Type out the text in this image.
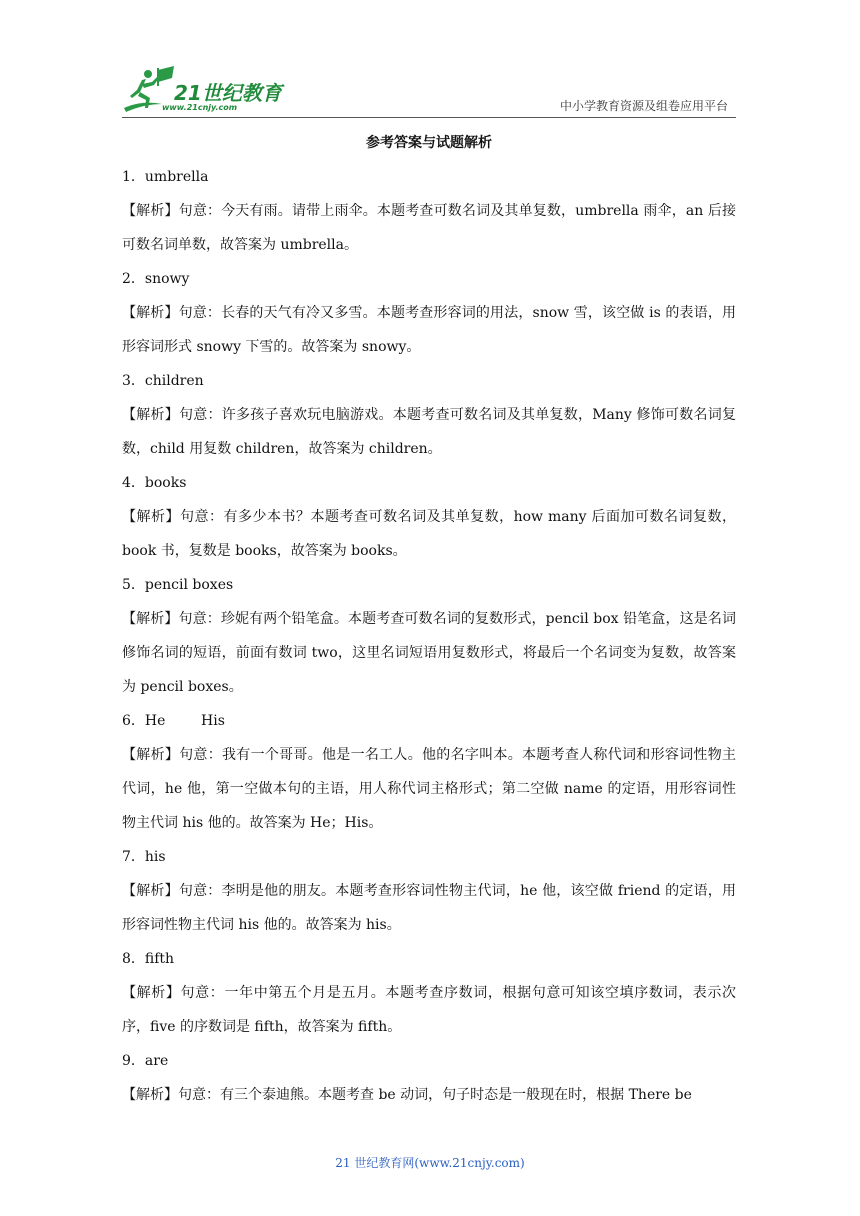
21世纪教育
www.21cnjy.com	中小学教育资源及组卷应用平台

参考答案与试题解析

1．umbrella

【解析】句意：今天有雨。请带上雨伞。本题考查可数名词及其单复数，umbrella 雨伞，an 后接可数名词单数，故答案为 umbrella。

2．snowy

【解析】句意：长春的天气有冷又多雪。本题考查形容词的用法，snow 雪，该空做 is 的表语，用形容词形式 snowy 下雪的。故答案为 snowy。

3．children

【解析】句意：许多孩子喜欢玩电脑游戏。本题考查可数名词及其单复数，Many 修饰可数名词复数，child 用复数 children，故答案为 children。

4．books

【解析】句意：有多少本书？本题考查可数名词及其单复数，how many 后面加可数名词复数，book 书，复数是 books，故答案为 books。

5．pencil boxes

【解析】句意：珍妮有两个铅笔盒。本题考查可数名词的复数形式，pencil box 铅笔盒，这是名词修饰名词的短语，前面有数词 two，这里名词短语用复数形式，将最后一个名词变为复数，故答案为 pencil boxes。

6．He        His

【解析】句意：我有一个哥哥。他是一名工人。他的名字叫本。本题考查人称代词和形容词性物主代词，he 他，第一空做本句的主语，用人称代词主格形式；第二空做 name 的定语，用形容词性物主代词 his 他的。故答案为 He；His。

7．his

【解析】句意：李明是他的朋友。本题考查形容词性物主代词，he 他，该空做 friend 的定语，用形容词性物主代词 his 他的。故答案为 his。

8．fifth

【解析】句意：一年中第五个月是五月。本题考查序数词，根据句意可知该空填序数词，表示次序，five 的序数词是 fifth，故答案为 fifth。

9．are

【解析】句意：有三个泰迪熊。本题考查 be 动词，句子时态是一般现在时，根据 There be

21 世纪教育网(www.21cnjy.com)
